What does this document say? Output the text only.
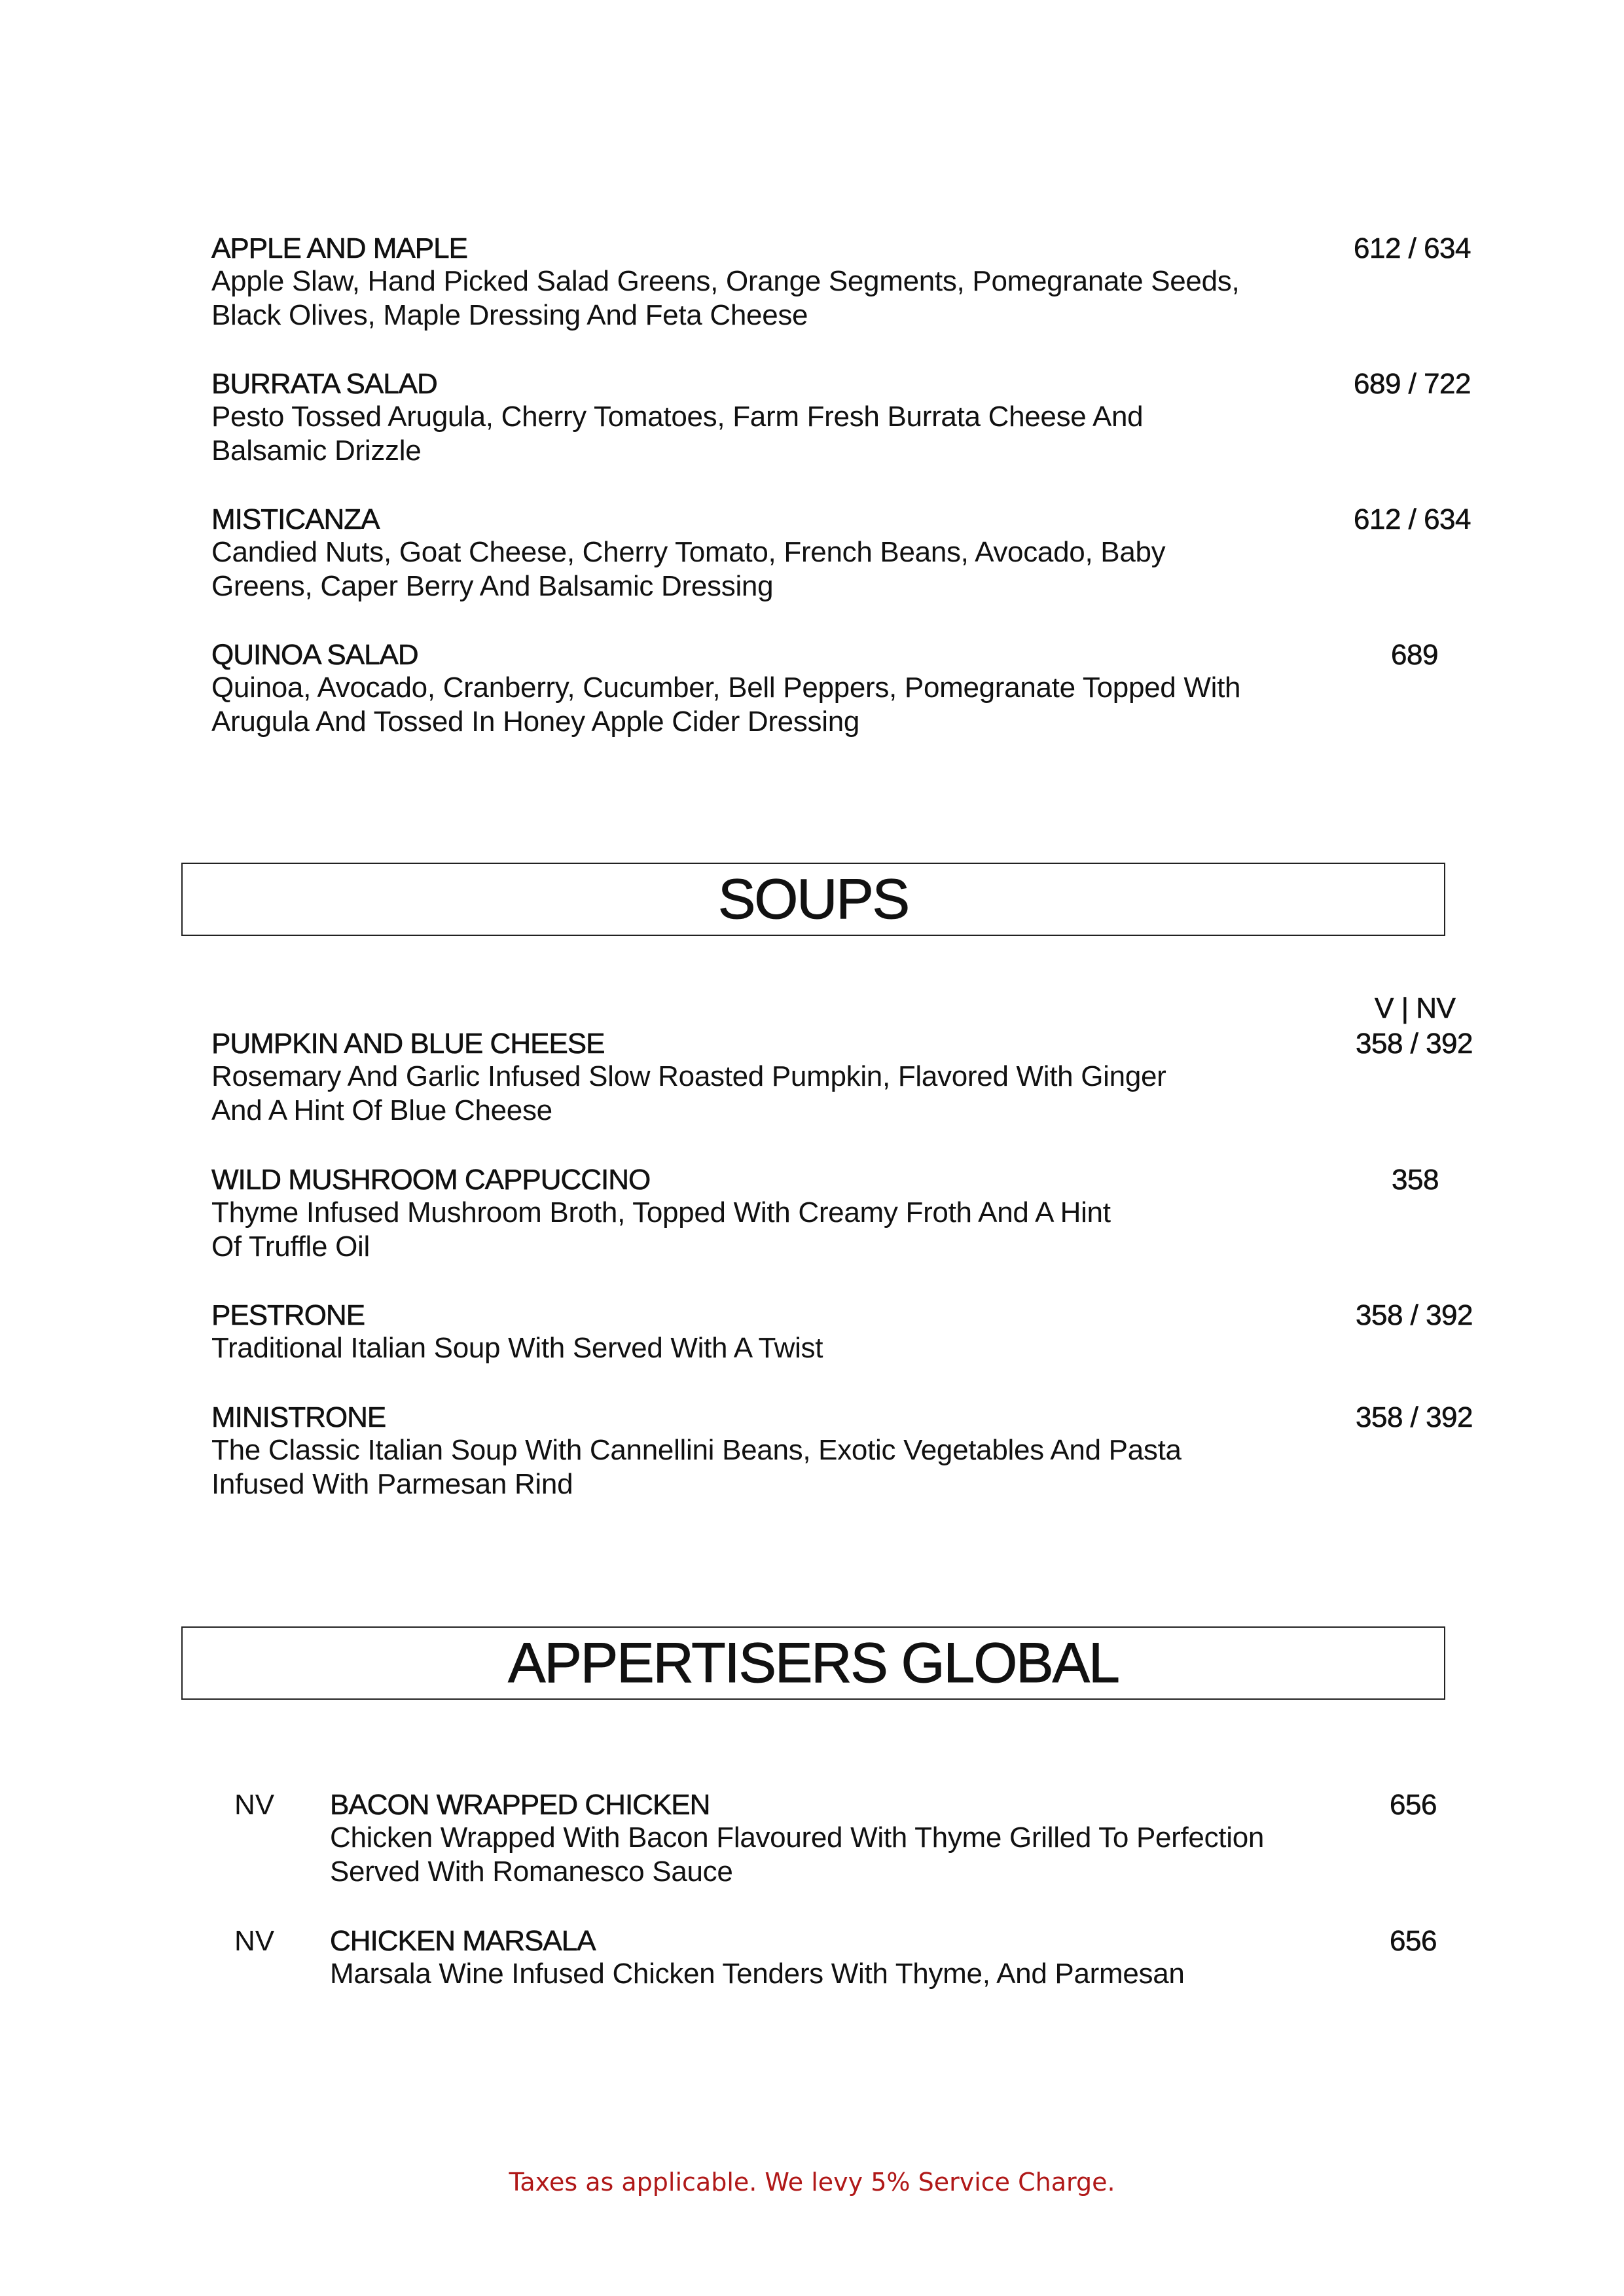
APPLE AND MAPLE	612 / 634
Apple Slaw, Hand Picked Salad Greens, Orange Segments, Pomegranate Seeds,
Black Olives, Maple Dressing And Feta Cheese
BURRATA SALAD	689 / 722
Pesto Tossed Arugula, Cherry Tomatoes, Farm Fresh Burrata Cheese And
Balsamic Drizzle
MISTICANZA	612 / 634
Candied Nuts, Goat Cheese, Cherry Tomato, French Beans, Avocado, Baby
Greens, Caper Berry And Balsamic Dressing
QUINOA SALAD	689
Quinoa, Avocado, Cranberry, Cucumber, Bell Peppers, Pomegranate Topped With
Arugula And Tossed In Honey Apple Cider Dressing
SOUPS
V | NV
PUMPKIN AND BLUE CHEESE	358 / 392
Rosemary And Garlic Infused Slow Roasted Pumpkin, Flavored With Ginger
And A Hint Of Blue Cheese
WILD MUSHROOM CAPPUCCINO	358
Thyme Infused Mushroom Broth, Topped With Creamy Froth And A Hint
Of Truffle Oil
PESTRONE	358 / 392
Traditional Italian Soup With Served With A Twist
MINISTRONE	358 / 392
The Classic Italian Soup With Cannellini Beans, Exotic Vegetables And Pasta
Infused With Parmesan Rind
APPERTISERS GLOBAL
NV BACON WRAPPED CHICKEN	656
Chicken Wrapped With Bacon Flavoured With Thyme Grilled To Perfection
Served With Romanesco Sauce
NV CHICKEN MARSALA	656
Marsala Wine Infused Chicken Tenders With Thyme, And Parmesan
Taxes as applicable. We levy 5% Service Charge.
